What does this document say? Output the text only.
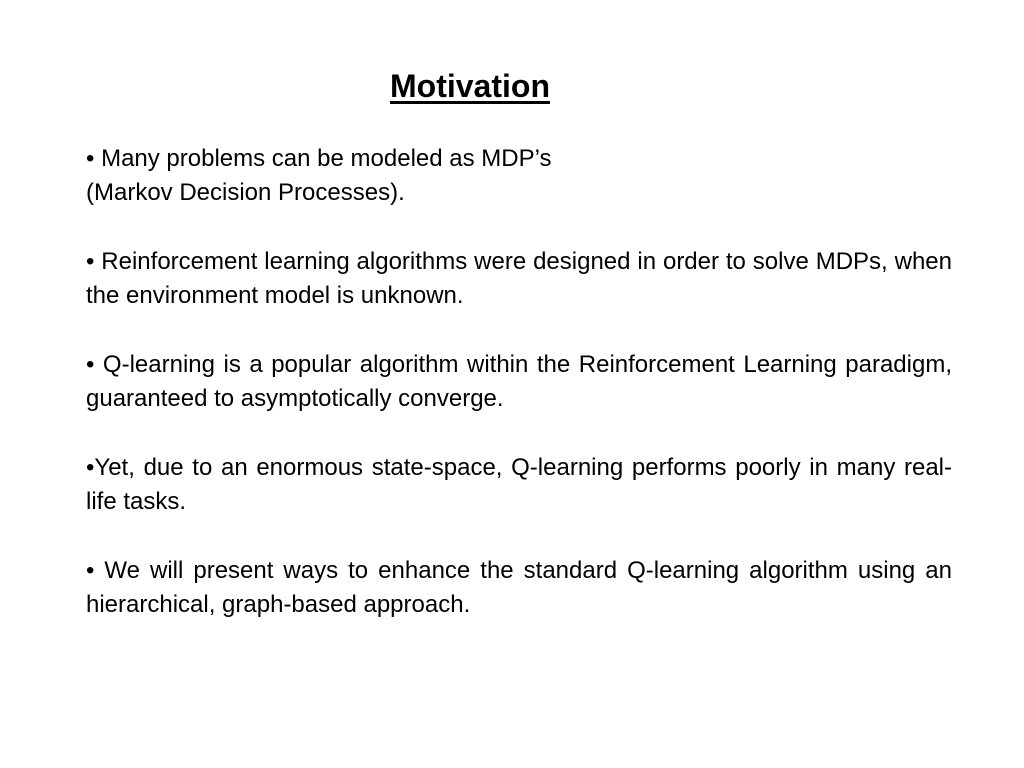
Motivation

• Many problems can be modeled as MDP’s
(Markov Decision Processes).

• Reinforcement learning algorithms were designed in order to solve MDPs, when the environment model is unknown.

• Q-learning is a popular algorithm within the Reinforcement Learning paradigm, guaranteed to asymptotically converge.

•Yet, due to an enormous state-space, Q-learning performs poorly in many real-life tasks.

• We will present ways to enhance the standard Q-learning algorithm using an hierarchical, graph-based approach.
